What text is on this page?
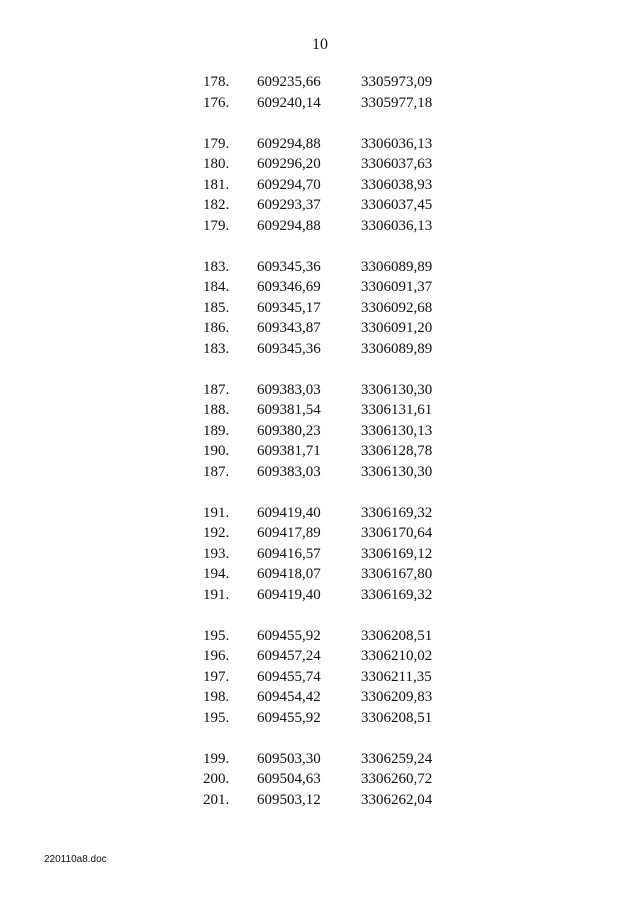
10
178. 609235,66	3305973,09
176. 609240,14	3305977,18
179. 609294,88	3306036,13
180. 609296,20	3306037,63
181. 609294,70	3306038,93
182. 609293,37	3306037,45
179. 609294,88	3306036,13
183. 609345,36	3306089,89
184. 609346,69	3306091,37
185. 609345,17	3306092,68
186. 609343,87	3306091,20
183. 609345,36	3306089,89
187. 609383,03	3306130,30
188. 609381,54	3306131,61
189. 609380,23	3306130,13
190. 609381,71	3306128,78
187. 609383,03	3306130,30
191. 609419,40	3306169,32
192. 609417,89	3306170,64
193. 609416,57	3306169,12
194. 609418,07	3306167,80
191. 609419,40	3306169,32
195. 609455,92	3306208,51
196. 609457,24	3306210,02
197. 609455,74	3306211,35
198. 609454,42	3306209,83
195. 609455,92	3306208,51
199. 609503,30	3306259,24
200. 609504,63	3306260,72
201. 609503,12	3306262,04
220110a8.doc
